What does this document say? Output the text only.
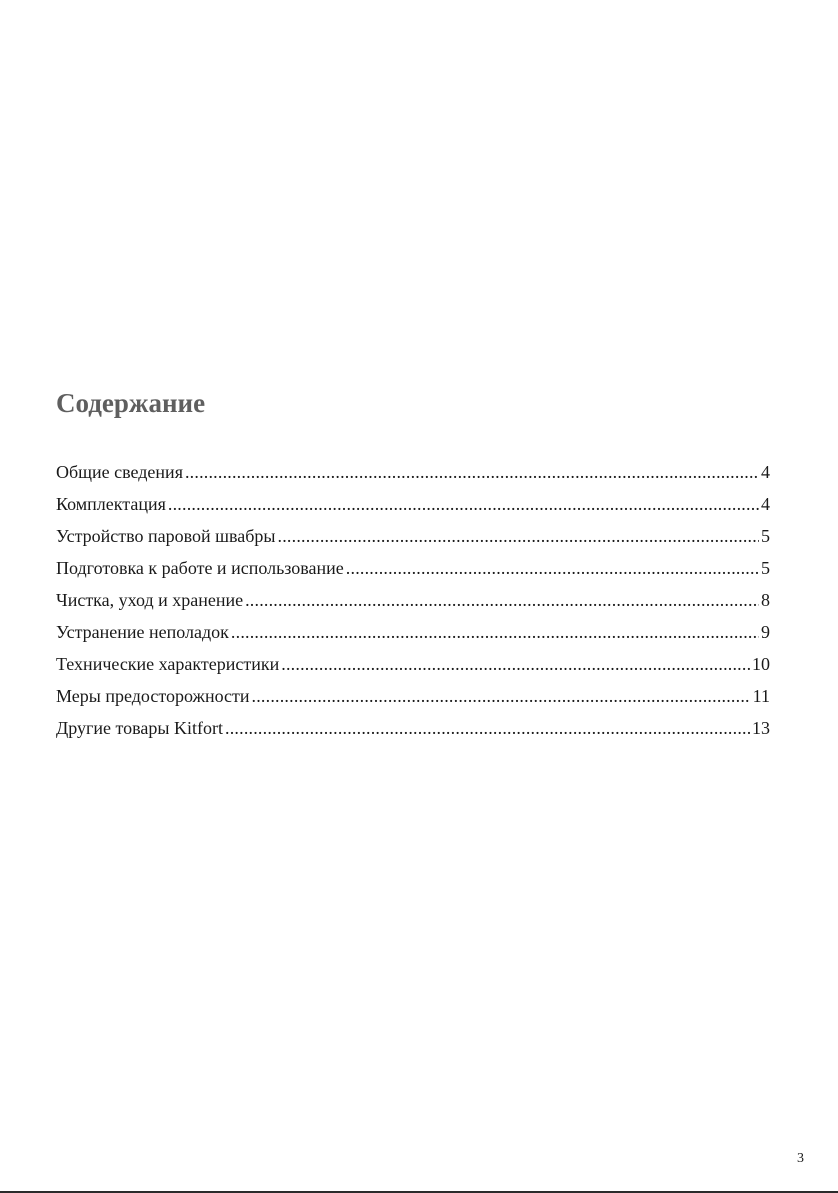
Содержание
Общие сведения .....	4
Комплектация .....	4
Устройство паровой швабры .....	5
Подготовка к работе и использование .....	5
Чистка, уход и хранение .....	8
Устранение неполадок .....	9
Технические характеристики .....	10
Меры предосторожности .....	11
Другие товары Kitfort .....	13
3
